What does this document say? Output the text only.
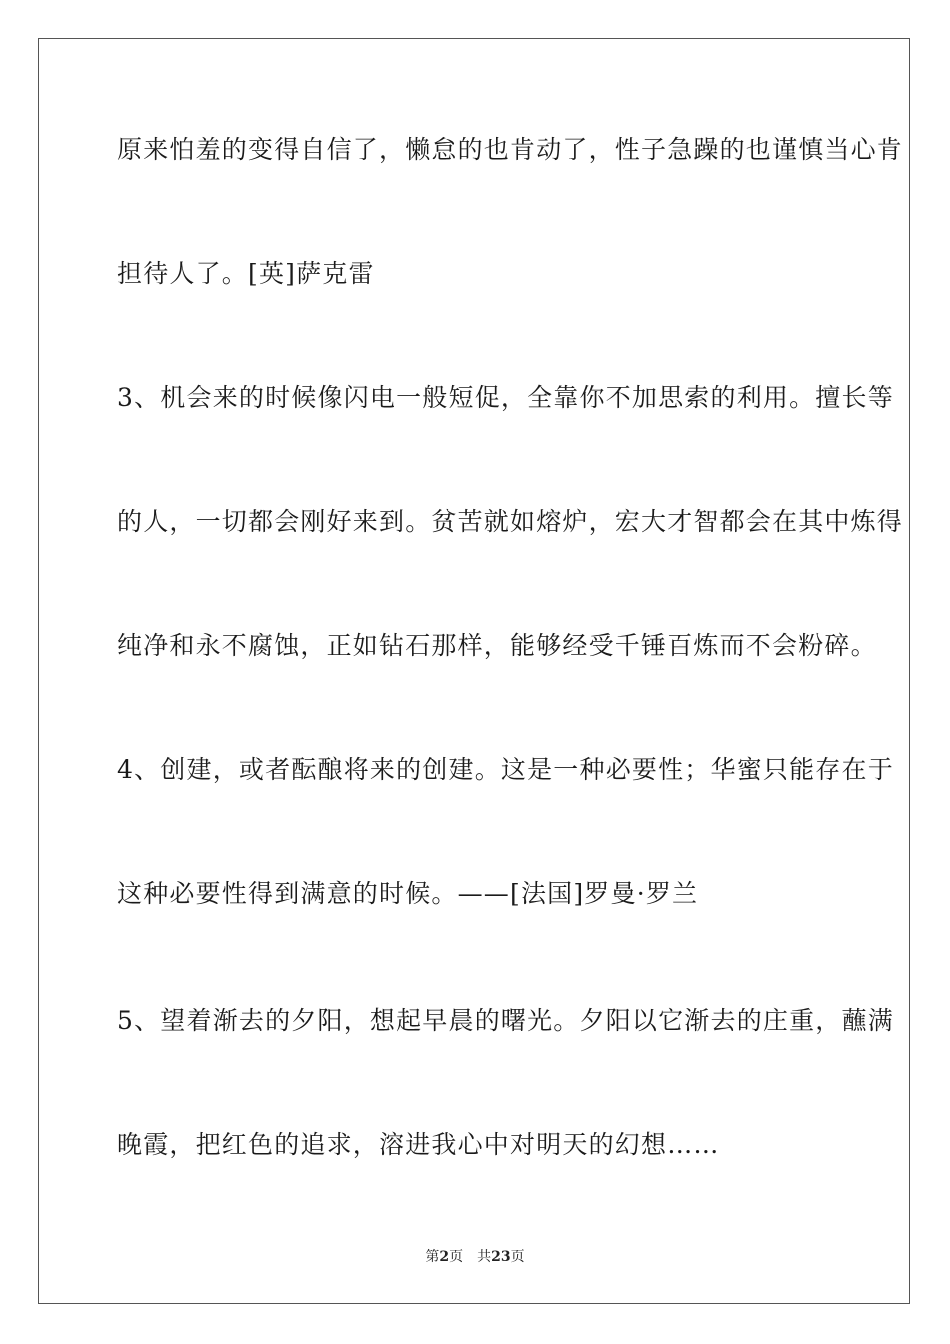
原来怕羞的变得自信了，懒怠的也肯动了，性子急躁的也谨慎当心肯
担待人了。[英]萨克雷
3、机会来的时候像闪电一般短促，全靠你不加思索的利用。擅长等
的人，一切都会刚好来到。贫苦就如熔炉，宏大才智都会在其中炼得
纯净和永不腐蚀，正如钻石那样，能够经受千锤百炼而不会粉碎。
4、创建，或者酝酿将来的创建。这是一种必要性；华蜜只能存在于
这种必要性得到满意的时候。——[法国]罗曼·罗兰
5、望着渐去的夕阳，想起早晨的曙光。夕阳以它渐去的庄重，蘸满
晚霞，把红色的追求，溶进我心中对明天的幻想……
第2页 共23页
